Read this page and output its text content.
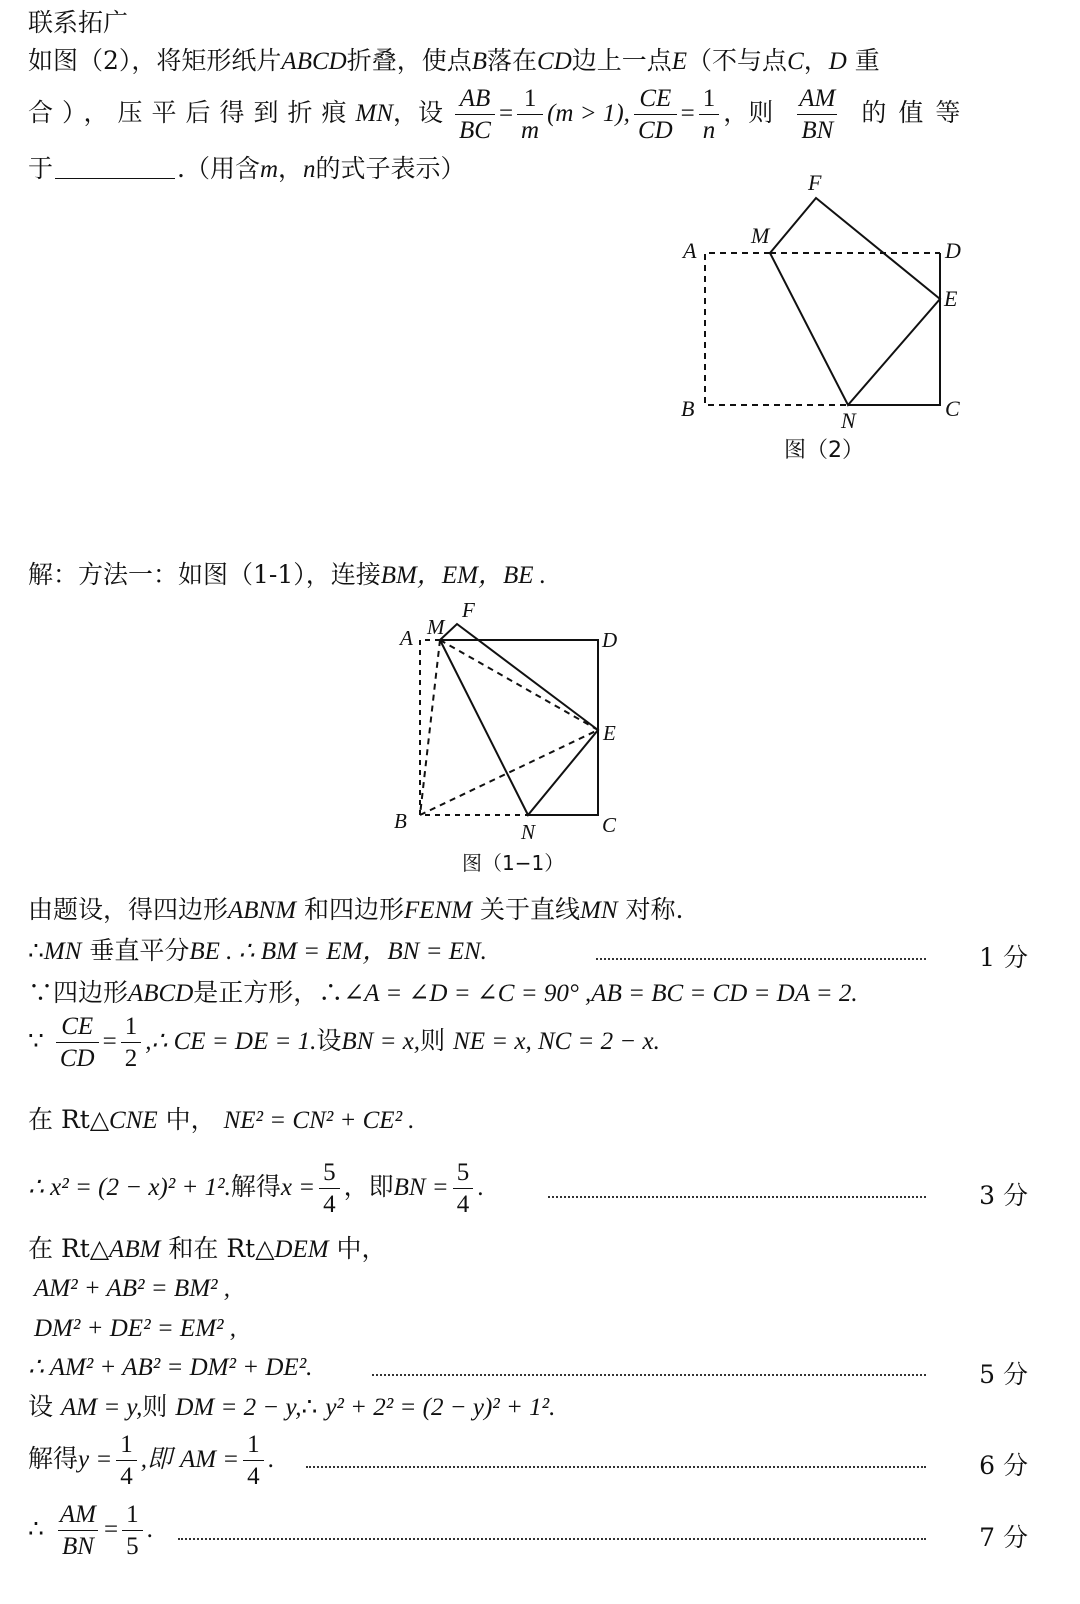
联系拓广
如图（2），将矩形纸片ABCD折叠，使点B落在CD边上一点E（不与点C，D 重
合），压平后得到折痕MN，设 $\frac{AB}{BC} = \frac{1}{m} (m > 1)$, $\frac{CE}{CD} = \frac{1}{n}$ ，则 $\frac{AM}{BN}$ 的值等
于	.（用含m，n的式子表示）
A
B	C
D
E
F
M
N
图（2）
解：方法一：如图（1-1），连接BM，EM，BE .
A
B	C
D
E
F
M
N
图（1−1）
由题设，得四边形ABNM 和四边形FENM 关于直线MN 对称.
∴MN 垂直平分BE . ∴ BM = EM，BN = EN.	1 分
∵四边形ABCD是正方形，∴∠A = ∠D = ∠C = 90° ,AB = BC = CD = DA = 2.
∵ $\frac{CE}{CD} = \frac{1}{2}$ ,∴ CE = DE = 1.设BN = x,则 NE = x, NC = 2 − x.
在 Rt△CNE 中， NE² = CN² + CE² .
∴ x² = (2 − x)² + 1².解得$x = \frac{5}{4}$ ，即BN = $\frac{5}{4}$ .	3 分
在 Rt△ABM 和在 Rt△DEM 中，
AM² + AB² = BM² ,
DM² + DE² = EM² ,
∴ AM² + AB² = DM² + DE².	5 分
设 AM = y,则 DM = 2 − y,∴ y² + 2² = (2 − y)² + 1².
解得$y = \frac{1}{4}$ ,即 AM = $\frac{1}{4}$ .	6 分
∴ $\frac{AM}{BN} = \frac{1}{5}$ .	7 分
